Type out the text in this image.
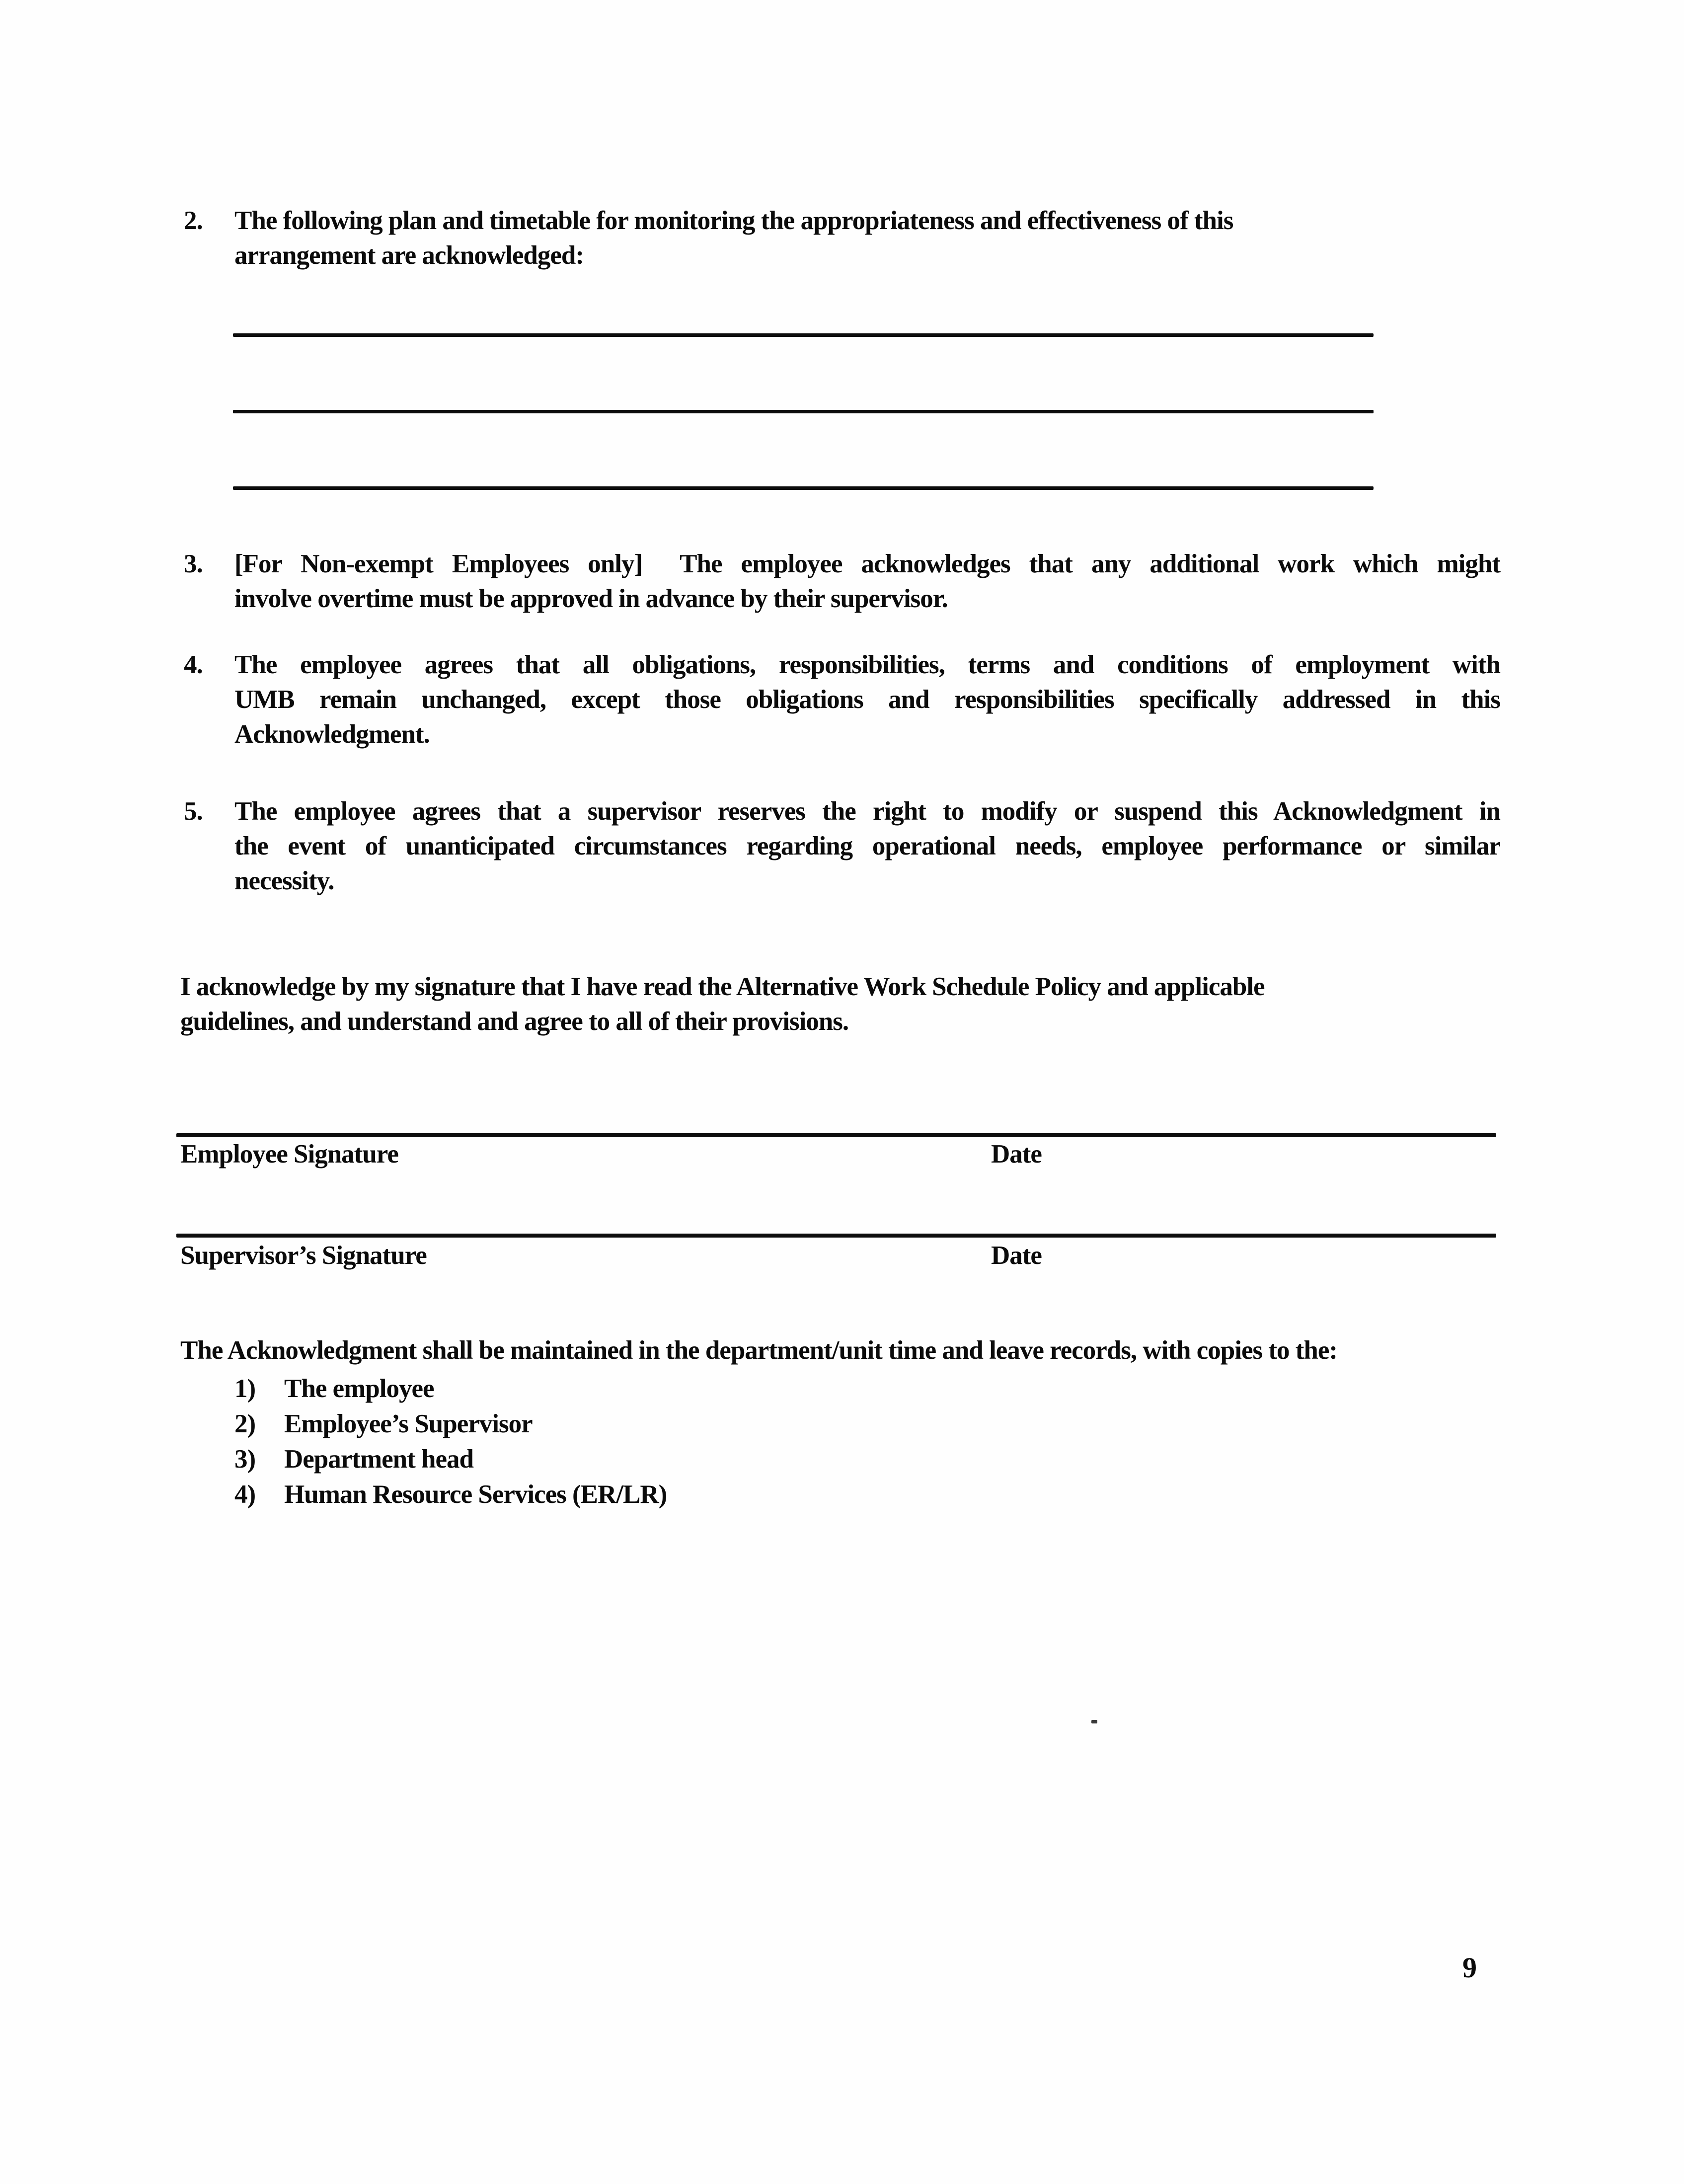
2. The following plan and timetable for monitoring the appropriateness and effectiveness of this
arrangement are acknowledged:
3. [For Non-exempt Employees only]  The employee acknowledges that any additional work which might
involve overtime must be approved in advance by their supervisor.
4. The employee agrees that all obligations, responsibilities, terms and conditions of employment with
UMB remain unchanged, except those obligations and responsibilities specifically addressed in this
Acknowledgment.
5. The employee agrees that a supervisor reserves the right to modify or suspend this Acknowledgment in
the event of unanticipated circumstances regarding operational needs, employee performance or similar
necessity.
I acknowledge by my signature that I have read the Alternative Work Schedule Policy and applicable
guidelines, and understand and agree to all of their provisions.
Employee Signature	Date
Supervisor’s Signature	Date
The Acknowledgment shall be maintained in the department/unit time and leave records, with copies to the:
1)	The employee
2)	Employee’s Supervisor
3)	Department head
4)	Human Resource Services (ER/LR)
9
